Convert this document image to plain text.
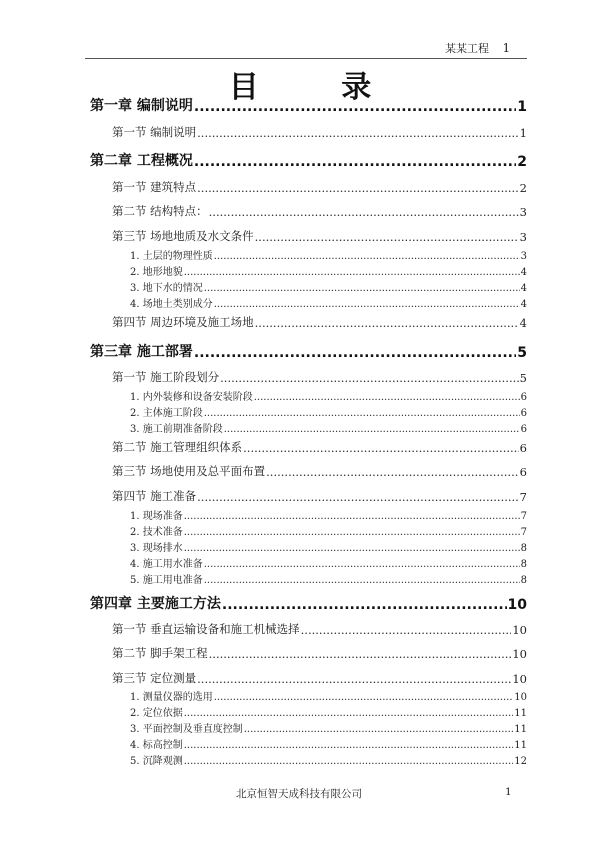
某某工程 1
目 录
第一章 编制说明 .....	1
第一节 编制说明 .....	1
第二章 工程概况 .....	2
第一节 建筑特点 .....	2
第二节 结构特点： .....	3
第三节 场地地质及水文条件 .....	3
1. 土层的物理性质 .....	3
2. 地形地貌 .....	4
3. 地下水的情况 .....	4
4. 场地土类别成分 .....	4
第四节 周边环境及施工场地 .....	4
第三章 施工部署 .....	5
第一节 施工阶段划分 .....	5
1. 内外装修和设备安装阶段 .....	6
2. 主体施工阶段 .....	6
3. 施工前期准备阶段 .....	6
第二节 施工管理组织体系 .....	6
第三节 场地使用及总平面布置 .....	6
第四节 施工准备 .....	7
1. 现场准备 .....	7
2. 技术准备 .....	7
3. 现场排水 .....	8
4. 施工用水准备 .....	8
5. 施工用电准备 .....	8
第四章 主要施工方法 .....	10
第一节 垂直运输设备和施工机械选择 .....	10
第二节 脚手架工程 .....	10
第三节 定位测量 .....	10
1. 测量仪器的选用 .....	10
2. 定位依据 .....	11
3. 平面控制及垂直度控制 .....	11
4. 标高控制 .....	11
5. 沉降观测 .....	12
北京恒智天成科技有限公司	1
